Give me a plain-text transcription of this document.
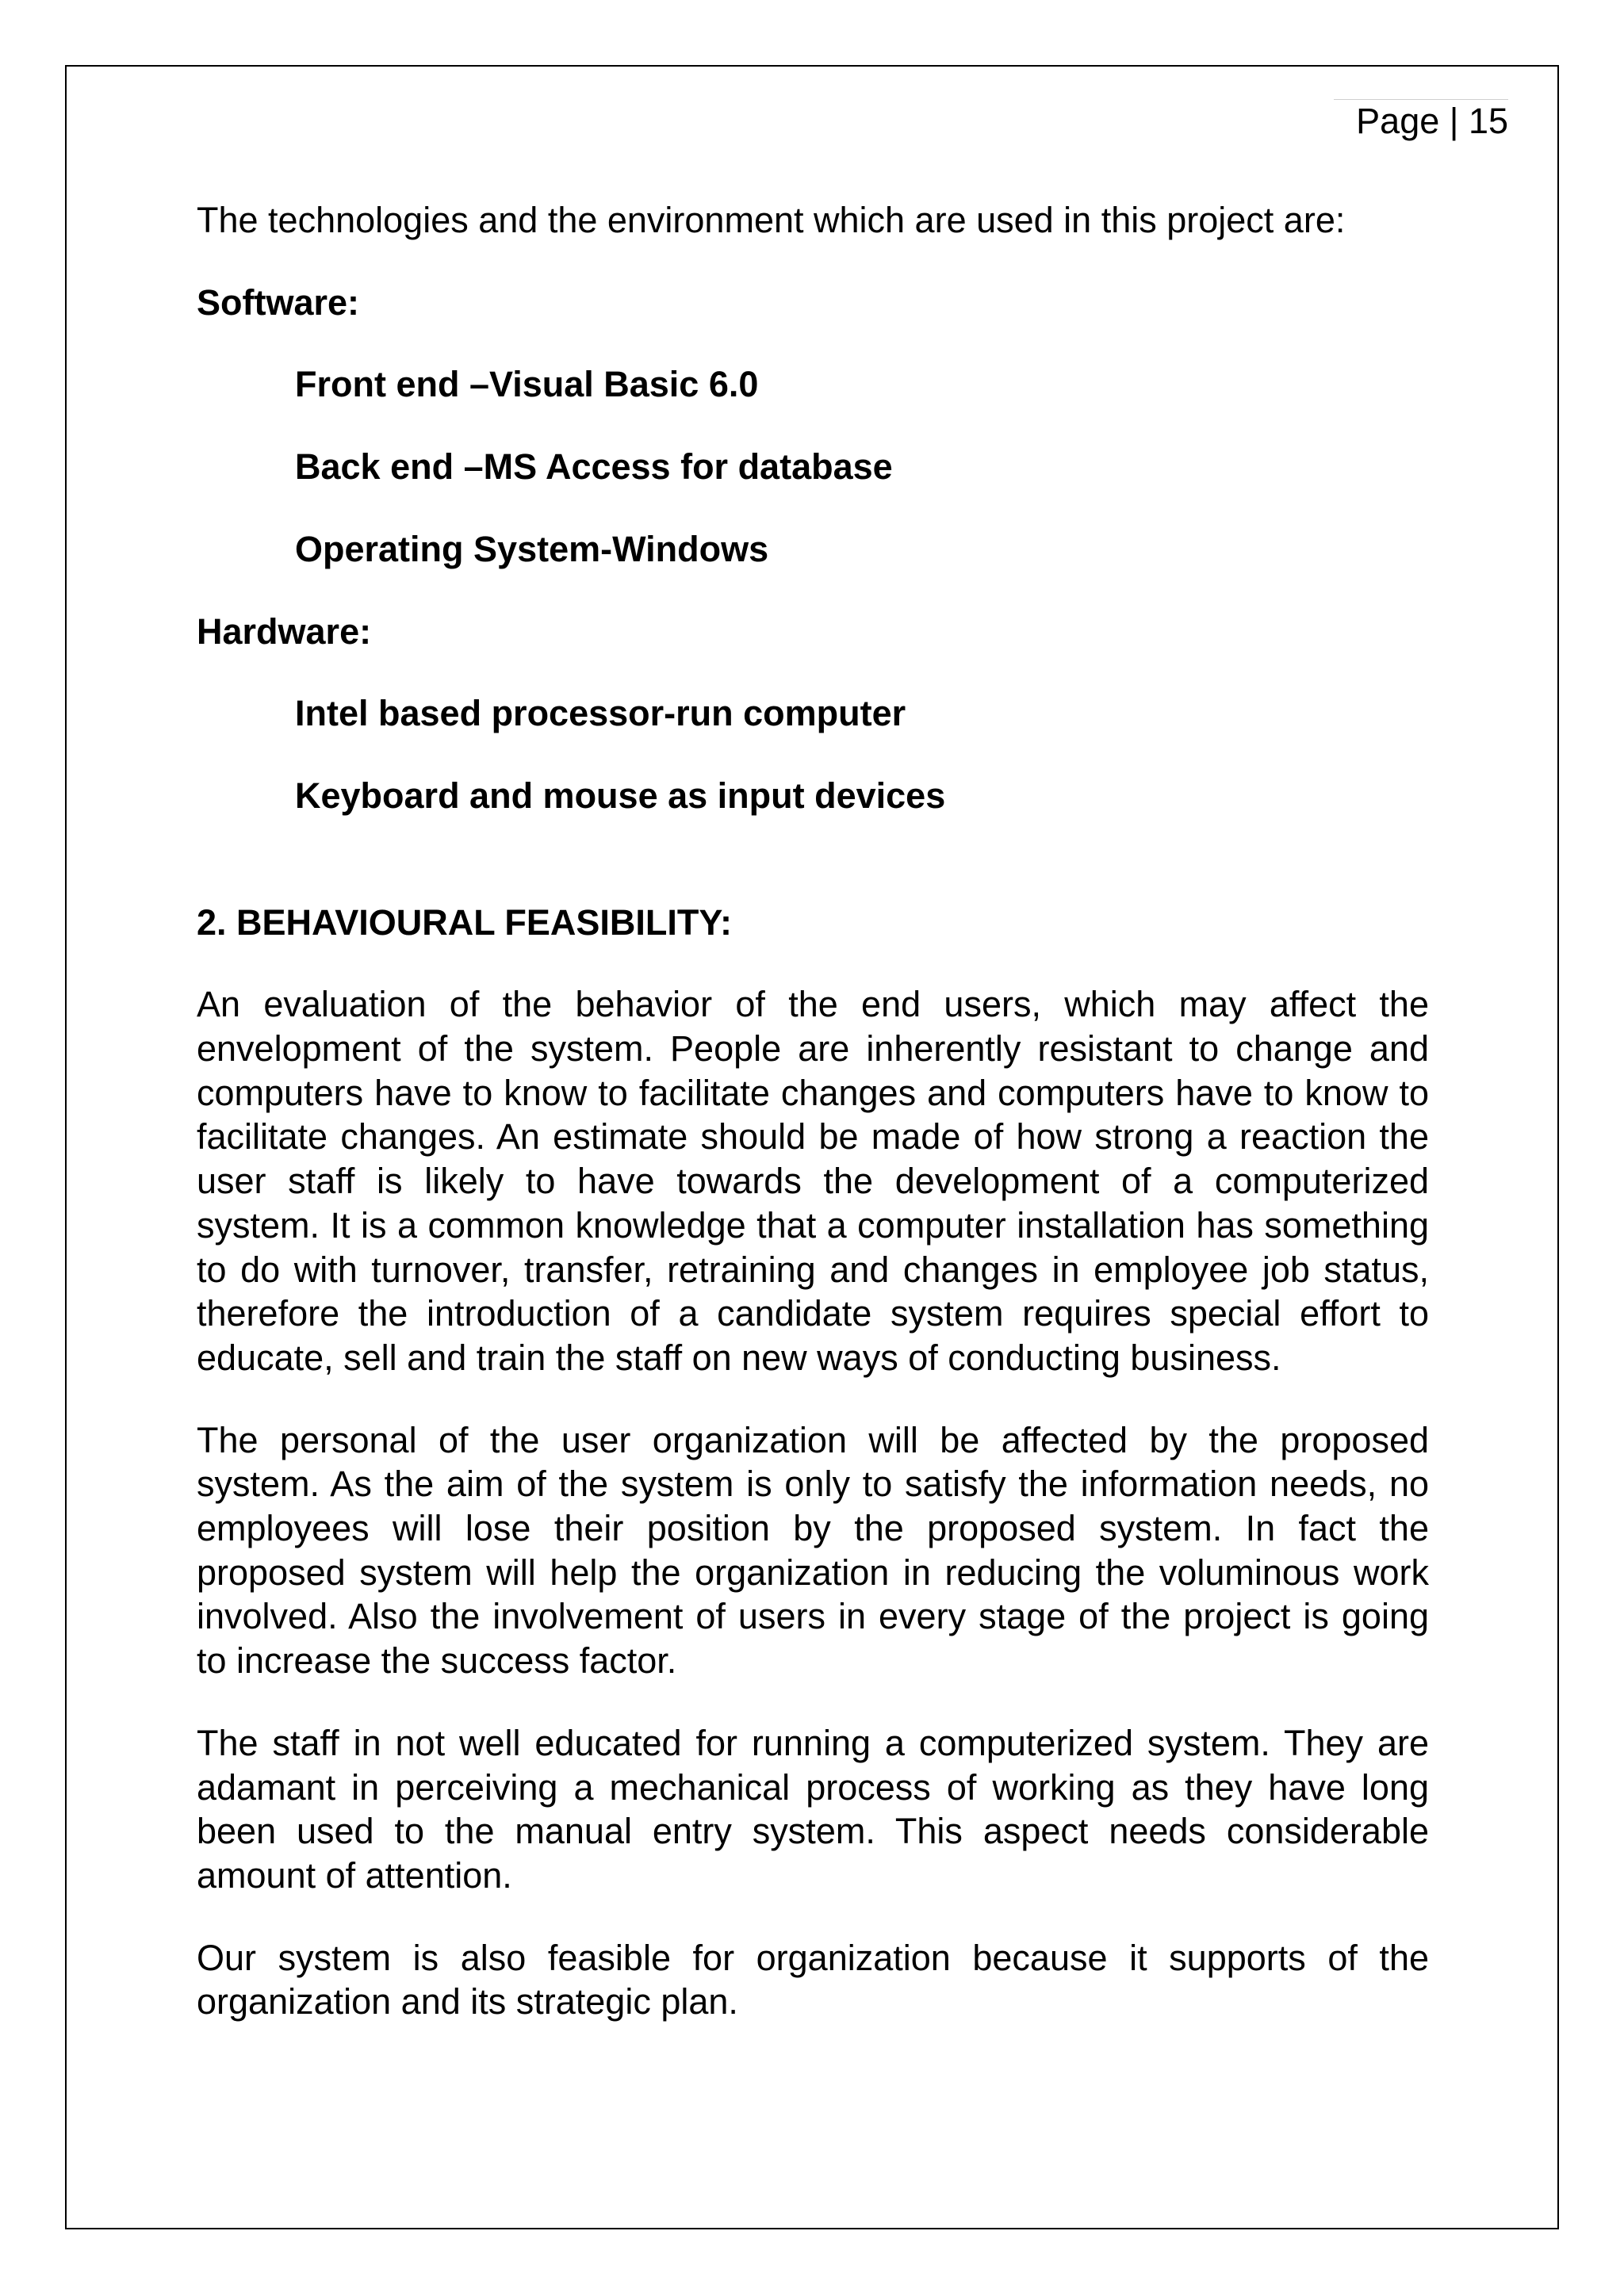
Page | 15

The technologies and the environment which are used in this project are:

Software:

Front end –Visual Basic 6.0

Back end –MS Access for database

Operating System-Windows

Hardware:

Intel based processor-run computer

Keyboard and mouse as input devices

2. BEHAVIOURAL FEASIBILITY:

An evaluation of the behavior of the end users, which may affect the envelopment of the system. People are inherently resistant to change and computers have to know to facilitate changes and computers have to know to facilitate changes. An estimate should be made of how strong a reaction the user staff is likely to have towards the development of a computerized system. It is a common knowledge that a computer installation has something to do with turnover, transfer, retraining and changes in employee job status, therefore the introduction of a candidate system requires special effort to educate, sell and train the staff on new ways of conducting business.

The personal of the user organization will be affected by the proposed system. As the aim of the system is only to satisfy the information needs, no employees will lose their position by the proposed system. In fact the proposed system will help the organization in reducing the voluminous work involved. Also the involvement of users in every stage of the project is going to increase the success factor.

The staff in not well educated for running a computerized system. They are adamant in perceiving a mechanical process of working as they have long been used to the manual entry system. This aspect needs considerable amount of attention.

Our system is also feasible for organization because it supports of the organization and its strategic plan.
